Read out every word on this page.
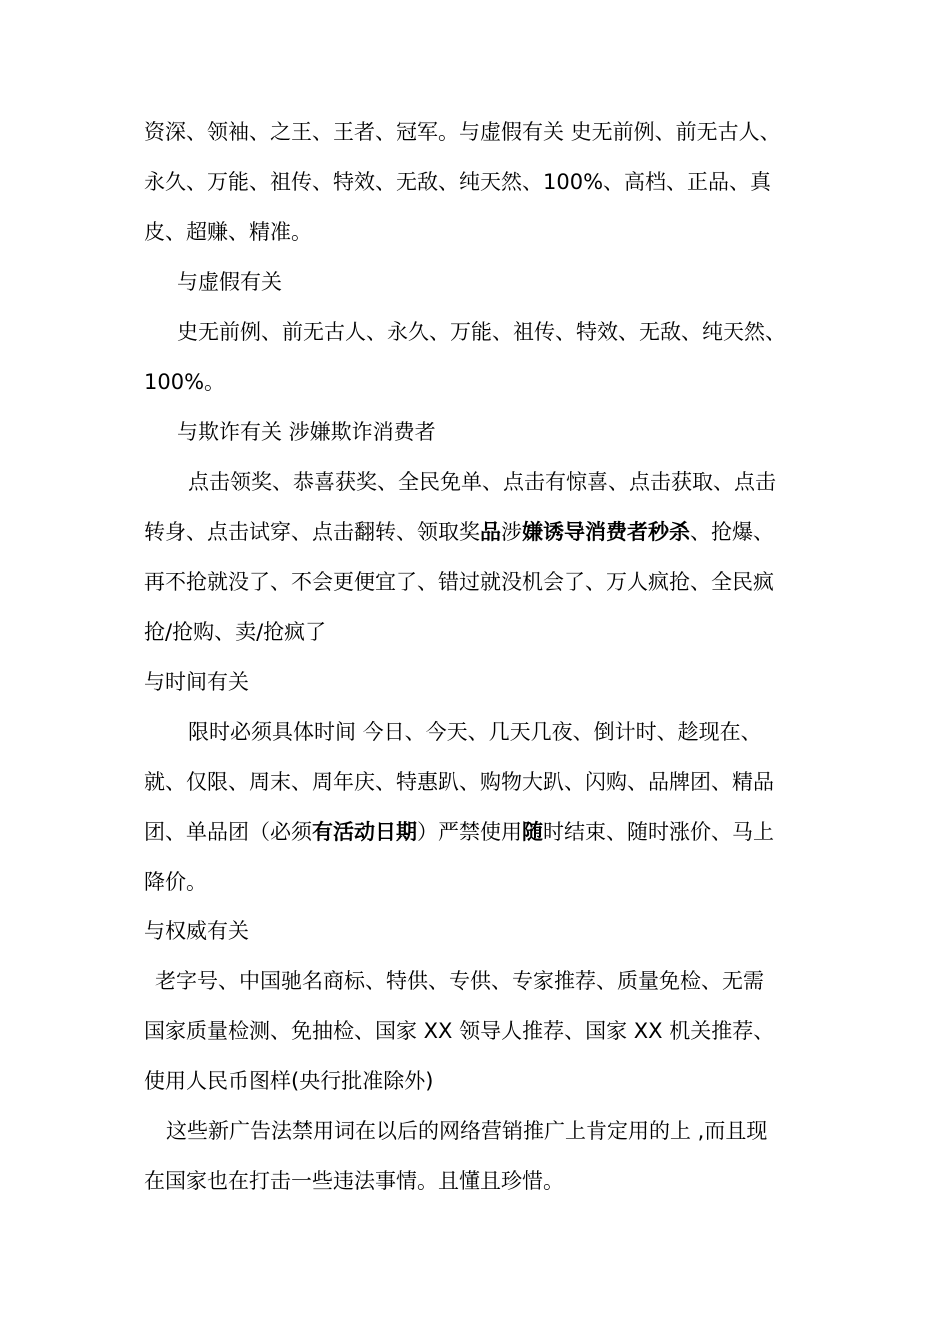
资深、领袖、之王、王者、冠军。与虚假有关 史无前例、前无古人、
永久、万能、祖传、特效、无敌、纯天然、100%、高档、正品、真
皮、超赚、精准。
与虚假有关
史无前例、前无古人、永久、万能、祖传、特效、无敌、纯天然、
100%。
与欺诈有关 涉嫌欺诈消费者
点击领奖、恭喜获奖、全民免单、点击有惊喜、点击获取、点击
转身、点击试穿、点击翻转、领取奖品涉嫌诱导消费者秒杀、抢爆、
再不抢就没了、不会更便宜了、错过就没机会了、万人疯抢、全民疯
抢/抢购、卖/抢疯了
与时间有关
限时必须具体时间 今日、今天、几天几夜、倒计时、趁现在、
就、仅限、周末、周年庆、特惠趴、购物大趴、闪购、品牌团、精品
团、单品团（必须有活动日期）严禁使用随时结束、随时涨价、马上
降价。
与权威有关
老字号、中国驰名商标、特供、专供、专家推荐、质量免检、无需
国家质量检测、免抽检、国家 XX 领导人推荐、国家 XX 机关推荐、
使用人民币图样(央行批准除外)
这些新广告法禁用词在以后的网络营销推广上肯定用的上 ,而且现
在国家也在打击一些违法事情。且懂且珍惜。
